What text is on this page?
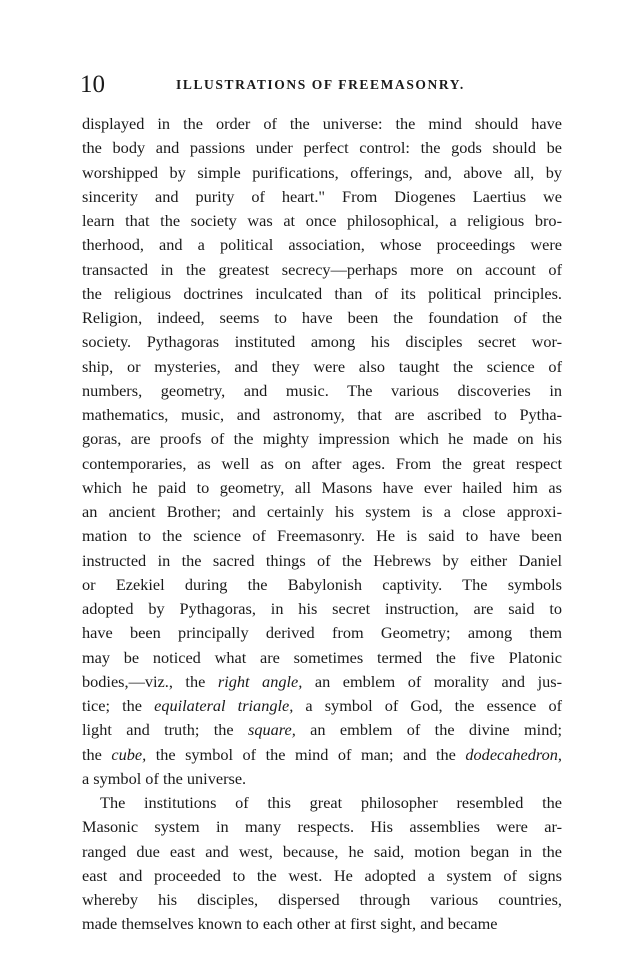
10	ILLUSTRATIONS OF FREEMASONRY.
displayed in the order of the universe: the mind should have
the body and passions under perfect control: the gods should be
worshipped by simple purifications, offerings, and, above all, by
sincerity and purity of heart." From Diogenes Laertius we
learn that the society was at once philosophical, a religious bro-
therhood, and a political association, whose proceedings were
transacted in the greatest secrecy—perhaps more on account of
the religious doctrines inculcated than of its political principles.
Religion, indeed, seems to have been the foundation of the
society. Pythagoras instituted among his disciples secret wor-
ship, or mysteries, and they were also taught the science of
numbers, geometry, and music. The various discoveries in
mathematics, music, and astronomy, that are ascribed to Pytha-
goras, are proofs of the mighty impression which he made on his
contemporaries, as well as on after ages. From the great respect
which he paid to geometry, all Masons have ever hailed him as
an ancient Brother; and certainly his system is a close approxi-
mation to the science of Freemasonry. He is said to have been
instructed in the sacred things of the Hebrews by either Daniel
or Ezekiel during the Babylonish captivity. The symbols
adopted by Pythagoras, in his secret instruction, are said to
have been principally derived from Geometry; among them
may be noticed what are sometimes termed the five Platonic
bodies,—viz., the right angle, an emblem of morality and jus-
tice; the equilateral triangle, a symbol of God, the essence of
light and truth; the square, an emblem of the divine mind;
the cube, the symbol of the mind of man; and the dodecahedron,
a symbol of the universe.
The institutions of this great philosopher resembled the
Masonic system in many respects. His assemblies were ar-
ranged due east and west, because, he said, motion began in the
east and proceeded to the west. He adopted a system of signs
whereby his disciples, dispersed through various countries,
made themselves known to each other at first sight, and became
